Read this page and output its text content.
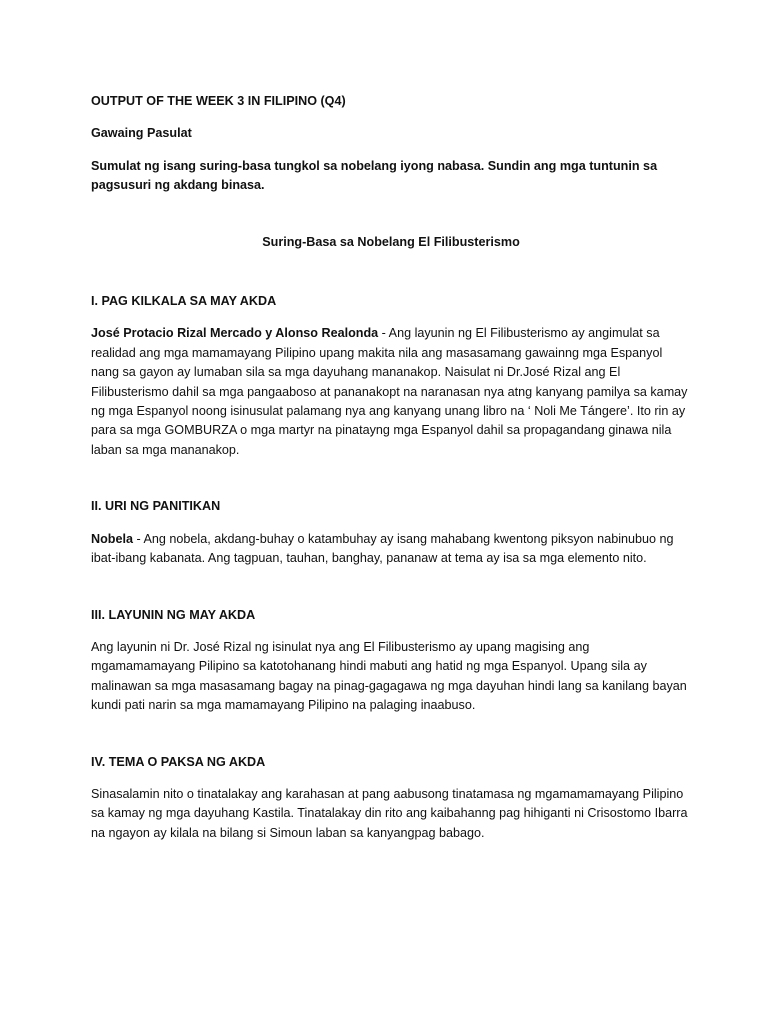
OUTPUT OF THE WEEK 3 IN FILIPINO (Q4)

Gawaing Pasulat

Sumulat ng isang suring-basa tungkol sa nobelang iyong nabasa. Sundin ang mga tuntunin sa pagsusuri ng akdang binasa.

Suring-Basa sa Nobelang El Filibusterismo

I. PAG KILKALA SA MAY AKDA

José Protacio Rizal Mercado y Alonso Realonda - Ang layunin ng El Filibusterismo ay angimulat sa realidad ang mga mamamayang Pilipino upang makita nila ang masasamang gawainng mga Espanyol nang sa gayon ay lumaban sila sa mga dayuhang mananakop. Naisulat ni Dr.José Rizal ang El Filibusterismo dahil sa mga pangaaboso at pananakopt na naranasan nya atng kanyang pamilya sa kamay ng mga Espanyol noong isinusulat palamang nya ang kanyang unang libro na ‘ Noli Me Tángere’. Ito rin ay para sa mga GOMBURZA o mga martyr na pinatayng mga Espanyol dahil sa propagandang ginawa nila laban sa mga mananakop.

II. URI NG PANITIKAN

Nobela - Ang nobela, akdang-buhay o katambuhay ay isang mahabang kwentong piksyon nabinubuo ng ibat-ibang kabanata. Ang tagpuan, tauhan, banghay, pananaw at tema ay isa sa mga elemento nito.

III. LAYUNIN NG MAY AKDA

Ang layunin ni Dr. José Rizal ng isinulat nya ang El Filibusterismo ay upang magising ang mgamamamayang Pilipino sa katotohanang hindi mabuti ang hatid ng mga Espanyol. Upang sila ay malinawan sa mga masasamang bagay na pinag-gagagawa ng mga dayuhan hindi lang sa kanilang bayan kundi pati narin sa mga mamamayang Pilipino na palaging inaabuso.

IV. TEMA O PAKSA NG AKDA

Sinasalamin nito o tinatalakay ang karahasan at pang aabusong tinatamasa ng mgamamamayang Pilipino sa kamay ng mga dayuhang Kastila. Tinatalakay din rito ang kaibahanng pag hihiganti ni Crisostomo Ibarra na ngayon ay kilala na bilang si Simoun laban sa kanyangpag babago.
